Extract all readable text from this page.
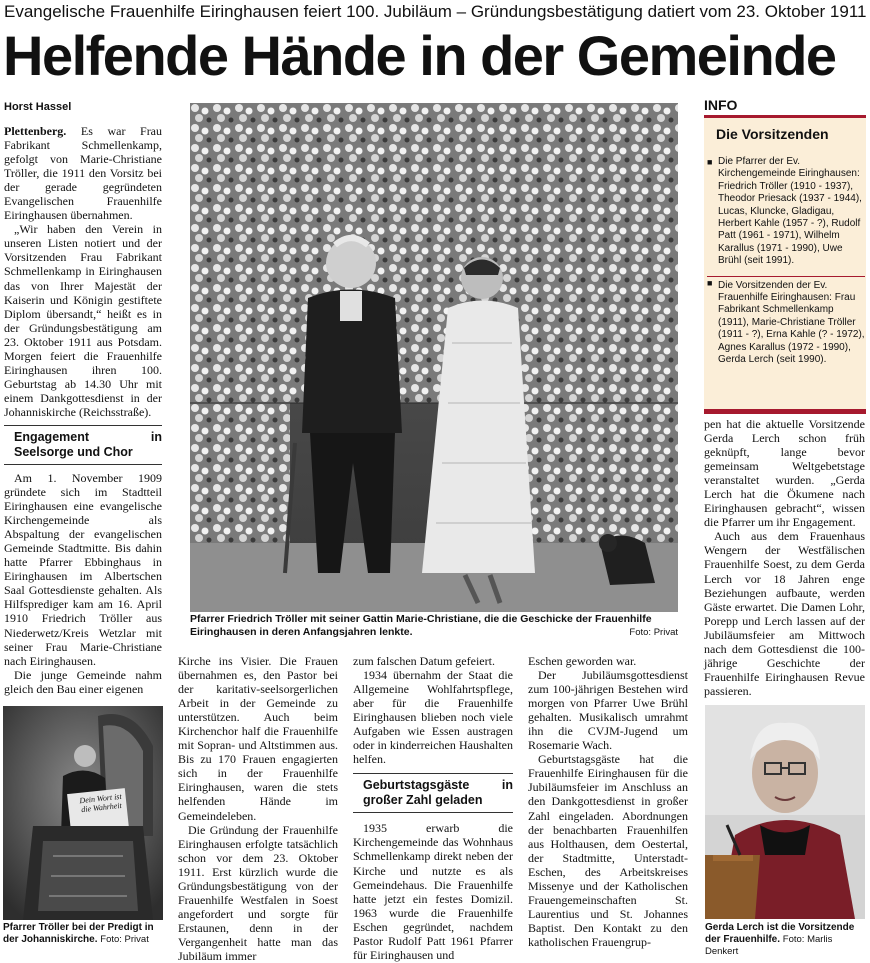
Evangelische Frauenhilfe Eiringhausen feiert 100. Jubiläum – Gründungsbestätigung datiert vom 23. Oktober 1911
Helfende Hände in der Gemeinde
Horst Hassel

Plettenberg. Es war Frau Fabrikant Schmellenkamp, gefolgt von Marie-Christiane Tröller, die 1911 den Vorsitz bei der gerade gegründeten Evangelischen Frauenhilfe Eiringhausen übernahmen.

„Wir haben den Verein in unseren Listen notiert und der Vorsitzenden Frau Fabrikant Schmellenkamp in Eiringhausen das von Ihrer Majestät der Kaiserin und Königin gestiftete Diplom übersandt,“ heißt es in der Gründungsbestätigung am 23. Oktober 1911 aus Potsdam. Morgen feiert die Frauenhilfe Eiringhausen ihren 100. Geburtstag ab 14.30 Uhr mit einem Dankgottesdienst in der Johanniskirche (Reichsstraße).

Engagement in Seelsorge und Chor

Am 1. November 1909 gründete sich im Stadtteil Eiringhausen eine evangelische Kirchengemeinde als Abspaltung der evangelischen Gemeinde Stadtmitte. Bis dahin hatte Pfarrer Ebbinghaus in Eiringhausen im Albertschen Saal Gottesdienste gehalten. Als Hilfsprediger kam am 16. April 1910 Friedrich Tröller aus Niederwetz/Kreis Wetzlar mit seiner Frau Marie-Christiane nach Eiringhausen.

Die junge Gemeinde nahm gleich den Bau einer eigenen

Dein Wort ist die Wahrheit
Pfarrer Tröller bei der Predigt in der Johanniskirche. Foto: Privat
Pfarrer Friedrich Tröller mit seiner Gattin Marie-Christiane, die die Geschicke der Frauenhilfe Eiringhausen in deren Anfangsjahren lenkte.	Foto: Privat
INFO
Die Vorsitzenden
■ Die Pfarrer der Ev. Kirchengemeinde Eiringhausen: Friedrich Tröller (1910 - 1937), Theodor Priesack (1937 - 1944), Lucas, Kluncke, Gladigau, Herbert Kahle (1957 - ?), Rudolf Patt (1961 - 1971), Wilhelm Karallus (1971 - 1990), Uwe Brühl (seit 1991).
■ Die Vorsitzenden der Ev. Frauenhilfe Eiringhausen: Frau Fabrikant Schmellenkamp (1911), Marie-Christiane Tröller (1911 - ?), Erna Kahle (? - 1972), Agnes Karallus (1972 - 1990), Gerda Lerch (seit 1990).

Kirche ins Visier. Die Frauen übernahmen es, den Pastor bei der karitativ-seelsorgerlichen Arbeit in der Gemeinde zu unterstützen. Auch beim Kirchenchor half die Frauenhilfe mit Sopran- und Altstimmen aus. Bis zu 170 Frauen engagierten sich in der Frauenhilfe Eiringhausen, waren die stets helfenden Hände im Gemeindeleben.

Die Gründung der Frauenhilfe Eiringhausen erfolgte tatsächlich schon vor dem 23. Oktober 1911. Erst kürzlich wurde die Gründungsbestätigung von der Frauenhilfe Westfalen in Soest angefordert und sorgte für Erstaunen, denn in der Vergangenheit hatte man das Jubiläum immer

zum falschen Datum gefeiert.

1934 übernahm der Staat die Allgemeine Wohlfahrtspflege, aber für die Frauenhilfe Eiringhausen blieben noch viele Aufgaben wie Essen austragen oder in kinderreichen Haushalten helfen.

Geburtstagsgäste in großer Zahl geladen

1935 erwarb die Kirchengemeinde das Wohnhaus Schmellenkamp direkt neben der Kirche und nutzte es als Gemeindehaus. Die Frauenhilfe hatte jetzt ein festes Domizil. 1963 wurde die Frauenhilfe Eschen gegründet, nachdem Pastor Rudolf Patt 1961 Pfarrer für Eiringhausen und

Eschen geworden war.

Der Jubiläumsgottesdienst zum 100-jährigen Bestehen wird morgen von Pfarrer Uwe Brühl gehalten. Musikalisch umrahmt ihn die CVJM-Jugend um Rosemarie Wach.

Geburtstagsgäste hat die Frauenhilfe Eiringhausen für die Jubiläumsfeier im Anschluss an den Dankgottesdienst in großer Zahl eingeladen. Abordnungen der benachbarten Frauenhilfen aus Holthausen, dem Oestertal, der Stadtmitte, Unterstadt-Eschen, des Arbeitskreises Missenye und der Katholischen Frauengemeinschaften St. Laurentius und St. Johannes Baptist. Den Kontakt zu den katholischen Frauengrup-

pen hat die aktuelle Vorsitzende Gerda Lerch schon früh geknüpft, lange bevor gemeinsam Weltgebetstage veranstaltet wurden. „Gerda Lerch hat die Ökumene nach Eiringhausen gebracht“, wissen die Pfarrer um ihr Engagement.

Auch aus dem Frauenhaus Wengern der Westfälischen Frauenhilfe Soest, zu dem Gerda Lerch vor 18 Jahren enge Beziehungen aufbaute, werden Gäste erwartet. Die Damen Lohr, Porepp und Lerch lassen auf der Jubiläumsfeier am Mittwoch nach dem Gottesdienst die 100-jährige Geschichte der Frauenhilfe Eiringhausen Revue passieren.

Gerda Lerch ist die Vorsitzende der Frauenhilfe. Foto: Marlis Denkert
